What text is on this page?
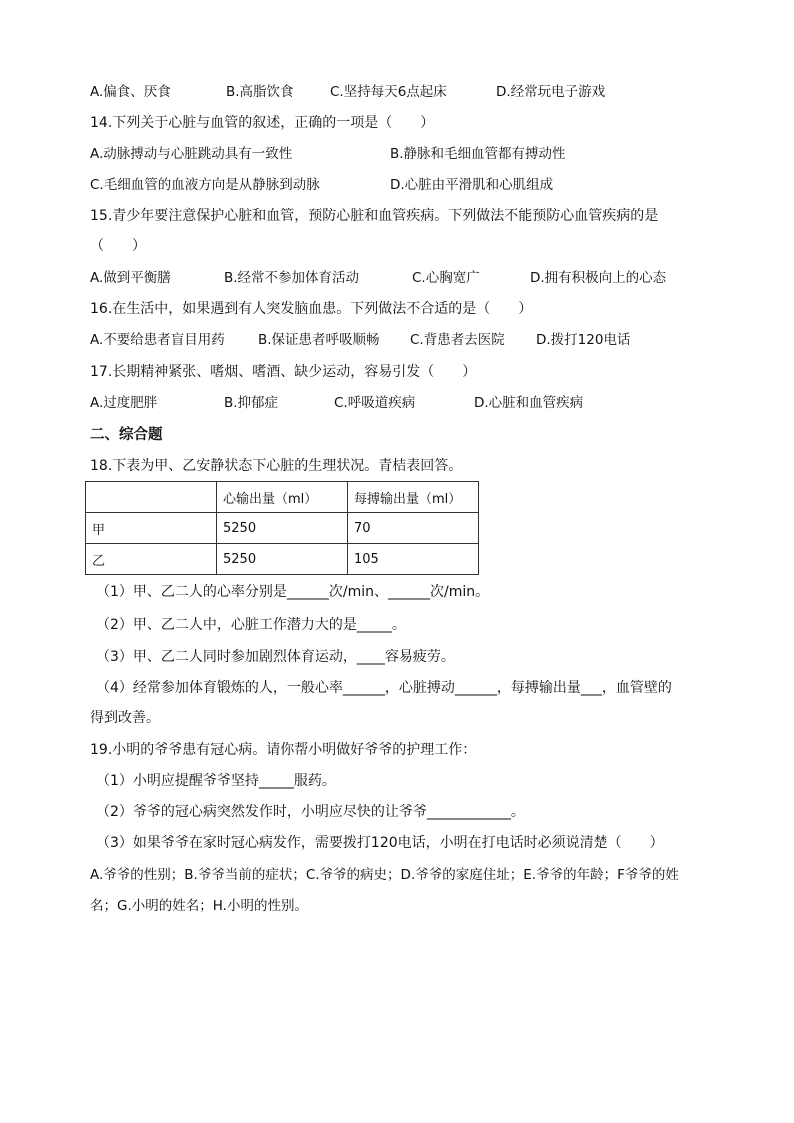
A.偏食、厌食	B.高脂饮食	C.坚持每天6点起床	D.经常玩电子游戏
14.下列关于心脏与血管的叙述，正确的一项是（　　）
A.动脉搏动与心脏跳动具有一致性	B.静脉和毛细血管都有搏动性
C.毛细血管的血液方向是从静脉到动脉	D.心脏由平滑肌和心肌组成
15.青少年要注意保护心脏和血管，预防心脏和血管疾病。下列做法不能预防心血管疾病的是
（　　）
A.做到平衡膳	B.经常不参加体育活动	C.心胸宽广	D.拥有积极向上的心态
16.在生活中，如果遇到有人突发脑血患。下列做法不合适的是（　　）
A.不要给患者盲目用药 B.保证患者呼吸顺畅 C.背患者去医院 D.拨打120电话
17.长期精神紧张、嗜烟、嗜酒、缺少运动，容易引发（　　）
A.过度肥胖	B.抑郁症	C.呼吸道疾病	D.心脏和血管疾病
二、综合题
18.下表为甲、乙安静状态下心脏的生理状况。青桔表回答。
	心输出量（ml）	每搏输出量（ml）
甲	5250	70
乙	5250	105
（1）甲、乙二人的心率分别是______次/min、______次/min。
（2）甲、乙二人中，心脏工作潜力大的是_____。
（3）甲、乙二人同时参加剧烈体育运动，____容易疲劳。
（4）经常参加体育锻炼的人，一般心率______，心脏搏动______，每搏输出量___，血管壁的
得到改善。
19.小明的爷爷患有冠心病。请你帮小明做好爷爷的护理工作：
（1）小明应提醒爷爷坚持_____服药。
（2）爷爷的冠心病突然发作时，小明应尽快的让爷爷____________。
（3）如果爷爷在家时冠心病发作，需要拨打120电话，小明在打电话时必须说清楚（　　）
A.爷爷的性别；B.爷爷当前的症状；C.爷爷的病史；D.爷爷的家庭住址；E.爷爷的年龄；F爷爷的姓
名；G.小明的姓名；H.小明的性别。
